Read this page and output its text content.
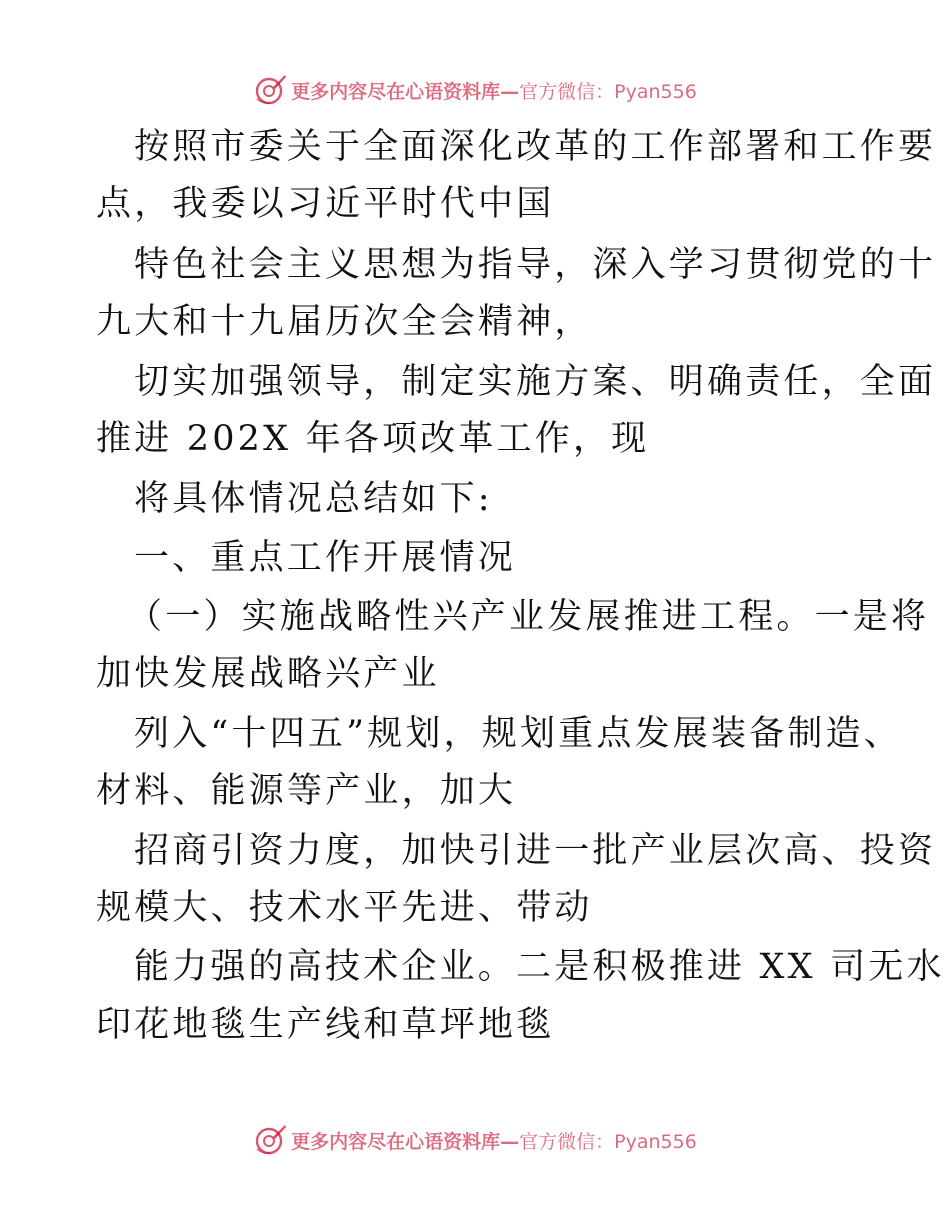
更多内容尽在心语资料库— 官方微信：Pyan556
按照市委关于全面深化改革的工作部署和工作要
点，我委以习近平时代中国
特色社会主义思想为指导，深入学习贯彻党的十
九大和十九届历次全会精神，
切实加强领导，制定实施方案、明确责任，全面
推进 202X 年各项改革工作，现
将具体情况总结如下:
一、重点工作开展情况
（一）实施战略性兴产业发展推进工程。一是将
加快发展战略兴产业
列入“十四五”规划，规划重点发展装备制造、
材料、能源等产业，加大
招商引资力度，加快引进一批产业层次高、投资
规模大、技术水平先进、带动
能力强的高技术企业。二是积极推进 XX 司无水
印花地毯生产线和草坪地毯
更多内容尽在心语资料库— 官方微信：Pyan556
